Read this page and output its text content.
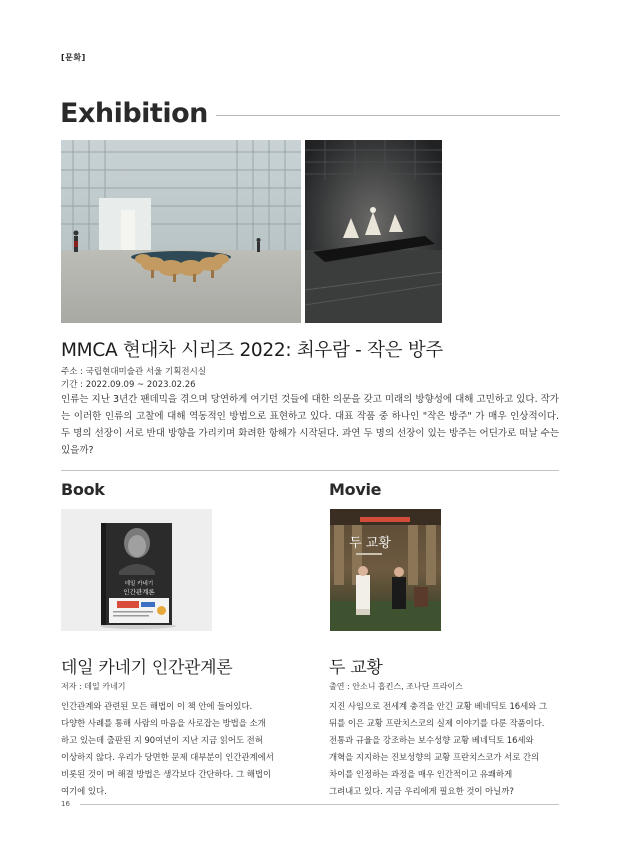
[문화]
Exhibition
MMCA 현대차 시리즈 2022: 최우람 - 작은 방주
주소 : 국립현대미술관 서울 기획전시실
기간 : 2022.09.09 ~ 2023.02.26
인류는 지난 3년간 팬데믹을 겪으며 당연하게 여기던 것들에 대한 의문을 갖고 미래의 방향성에 대해 고민하고 있다. 작가는 이러한 인류의 고찰에 대해 역동적인 방법으로 표현하고 있다. 대표 작품 중 하나인 "작은 방주" 가 매우 인상적이다. 두 명의 선장이 서로 반대 방향을 가리키며 화려한 항해가 시작된다. 과연 두 명의 선장이 있는 방주는 어딘가로 떠날 수는 있을까?
Book	Movie
데일 카네기
인간관계론
두 교황
데일 카네기 인간관계론	두 교황
저자 : 데일 카네기	출연 : 안소니 홉킨스, 조나단 프라이스
인간관계와 관련된 모든 해법이 이 책 안에 들어있다.
다양한 사례를 통해 사람의 마음을 사로잡는 방법을 소개
하고 있는데 출판된 지 90여년이 지난 지금 읽어도 전혀
이상하지 않다. 우리가 당면한 문제 대부분이 인간관계에서
비롯된 것이 며 해결 방법은 생각보다 간단하다. 그 해법이
여기에 있다.
지진 사임으로 전세계 충격을 안긴 교황 베네딕토 16세와 그
뒤를 이은 교황 프란치스코의 실제 이야기를 다룬 작품이다.
전통과 규율을 강조하는 보수성향 교황 베네딕토 16세와
개혁을 지지하는 진보성향의 교황 프란치스코가 서로 간의
차이를 인정하는 과정을 매우 인간적이고 유쾌하게
그려내고 있다. 지금 우리에게 필요한 것이 아닐까?
16
